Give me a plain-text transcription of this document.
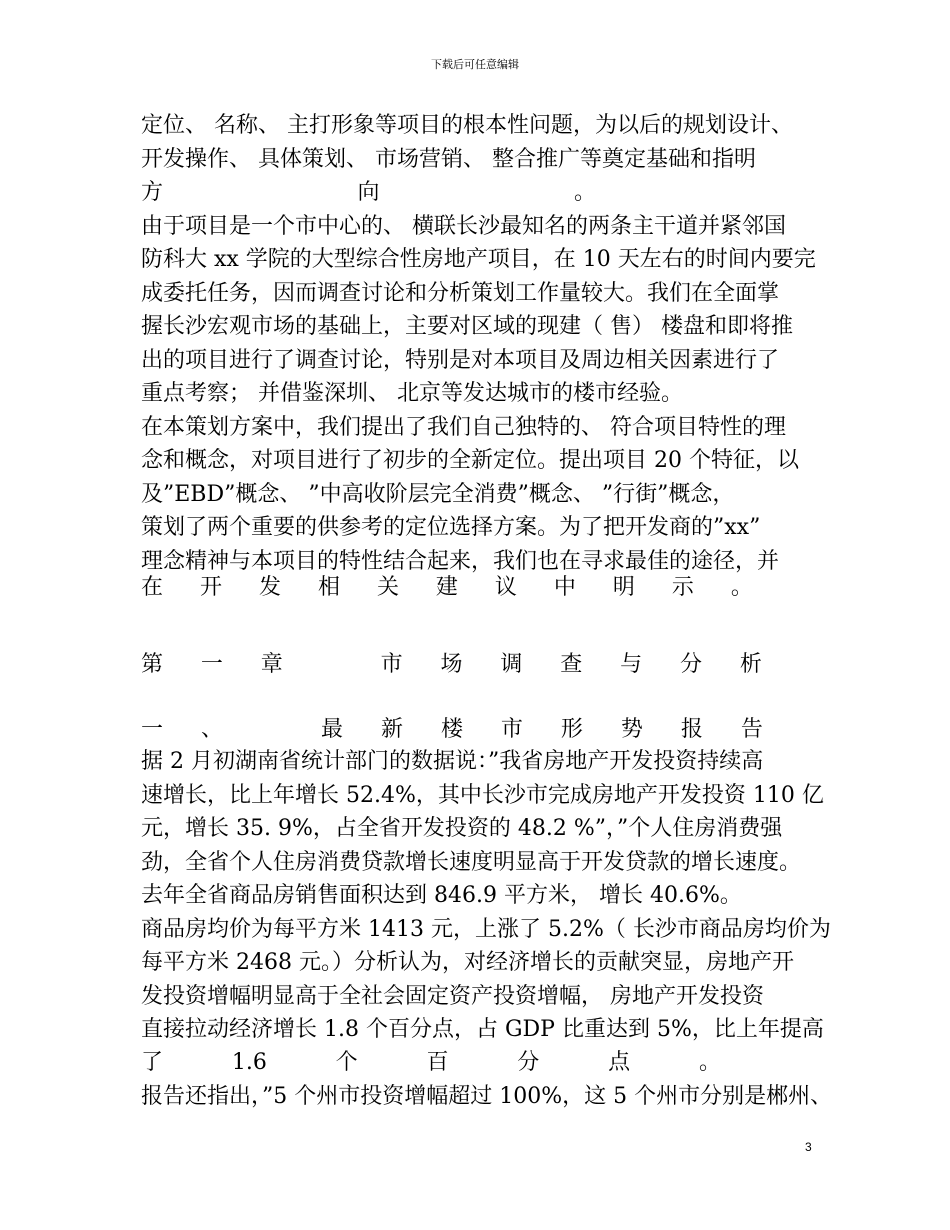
下载后可任意编辑
定位、 名称、 主打形象等项目的根本性问题，为以后的规划设计、
开发操作、 具体策划、 市场营销、 整合推广等奠定基础和指明
方	向	。
由于项目是一个市中心的、 横联长沙最知名的两条主干道并紧邻国
防科大 xx 学院的大型综合性房地产项目，在 10 天左右的时间内要完
成委托任务，因而调查讨论和分析策划工作量较大。我们在全面掌
握长沙宏观市场的基础上，主要对区域的现建（ 售） 楼盘和即将推
出的项目进行了调查讨论，特别是对本项目及周边相关因素进行了
重点考察； 并借鉴深圳、 北京等发达城市的楼市经验。
在本策划方案中，我们提出了我们自己独特的、 符合项目特性的理
念和概念，对项目进行了初步的全新定位。提出项目 20 个特征，以
及”EBD”概念、 ”中高收阶层完全消费”概念、 ”行街”概念，
策划了两个重要的供参考的定位选择方案。为了把开发商的”xx”
理念精神与本项目的特性结合起来，我们也在寻求最佳的途径，并
在 开 发 相 关 建 议 中 明 示 。
第 一 章	市 场 调 查 与 分 析
一 、	最 新 楼 市 形 势 报 告
据 2 月初湖南省统计部门的数据说：”我省房地产开发投资持续高
速增长，比上年增长 52.4%，其中长沙市完成房地产开发投资 110 亿
元，增长 35. 9%，占全省开发投资的 48.2 %”，”个人住房消费强
劲，全省个人住房消费贷款增长速度明显高于开发贷款的增长速度。
去年全省商品房销售面积达到 846.9 平方米， 增长 40.6%。
商品房均价为每平方米 1413 元，上涨了 5.2%（ 长沙市商品房均价为
每平方米 2468 元。）分析认为，对经济增长的贡献突显，房地产开
发投资增幅明显高于全社会固定资产投资增幅， 房地产开发投资
直接拉动经济增长 1.8 个百分点，占 GDP 比重达到 5%，比上年提高
了	1.6	个	百	分	点	。
报告还指出，”5 个州市投资增幅超过 100%，这 5 个州市分别是郴州、
3
